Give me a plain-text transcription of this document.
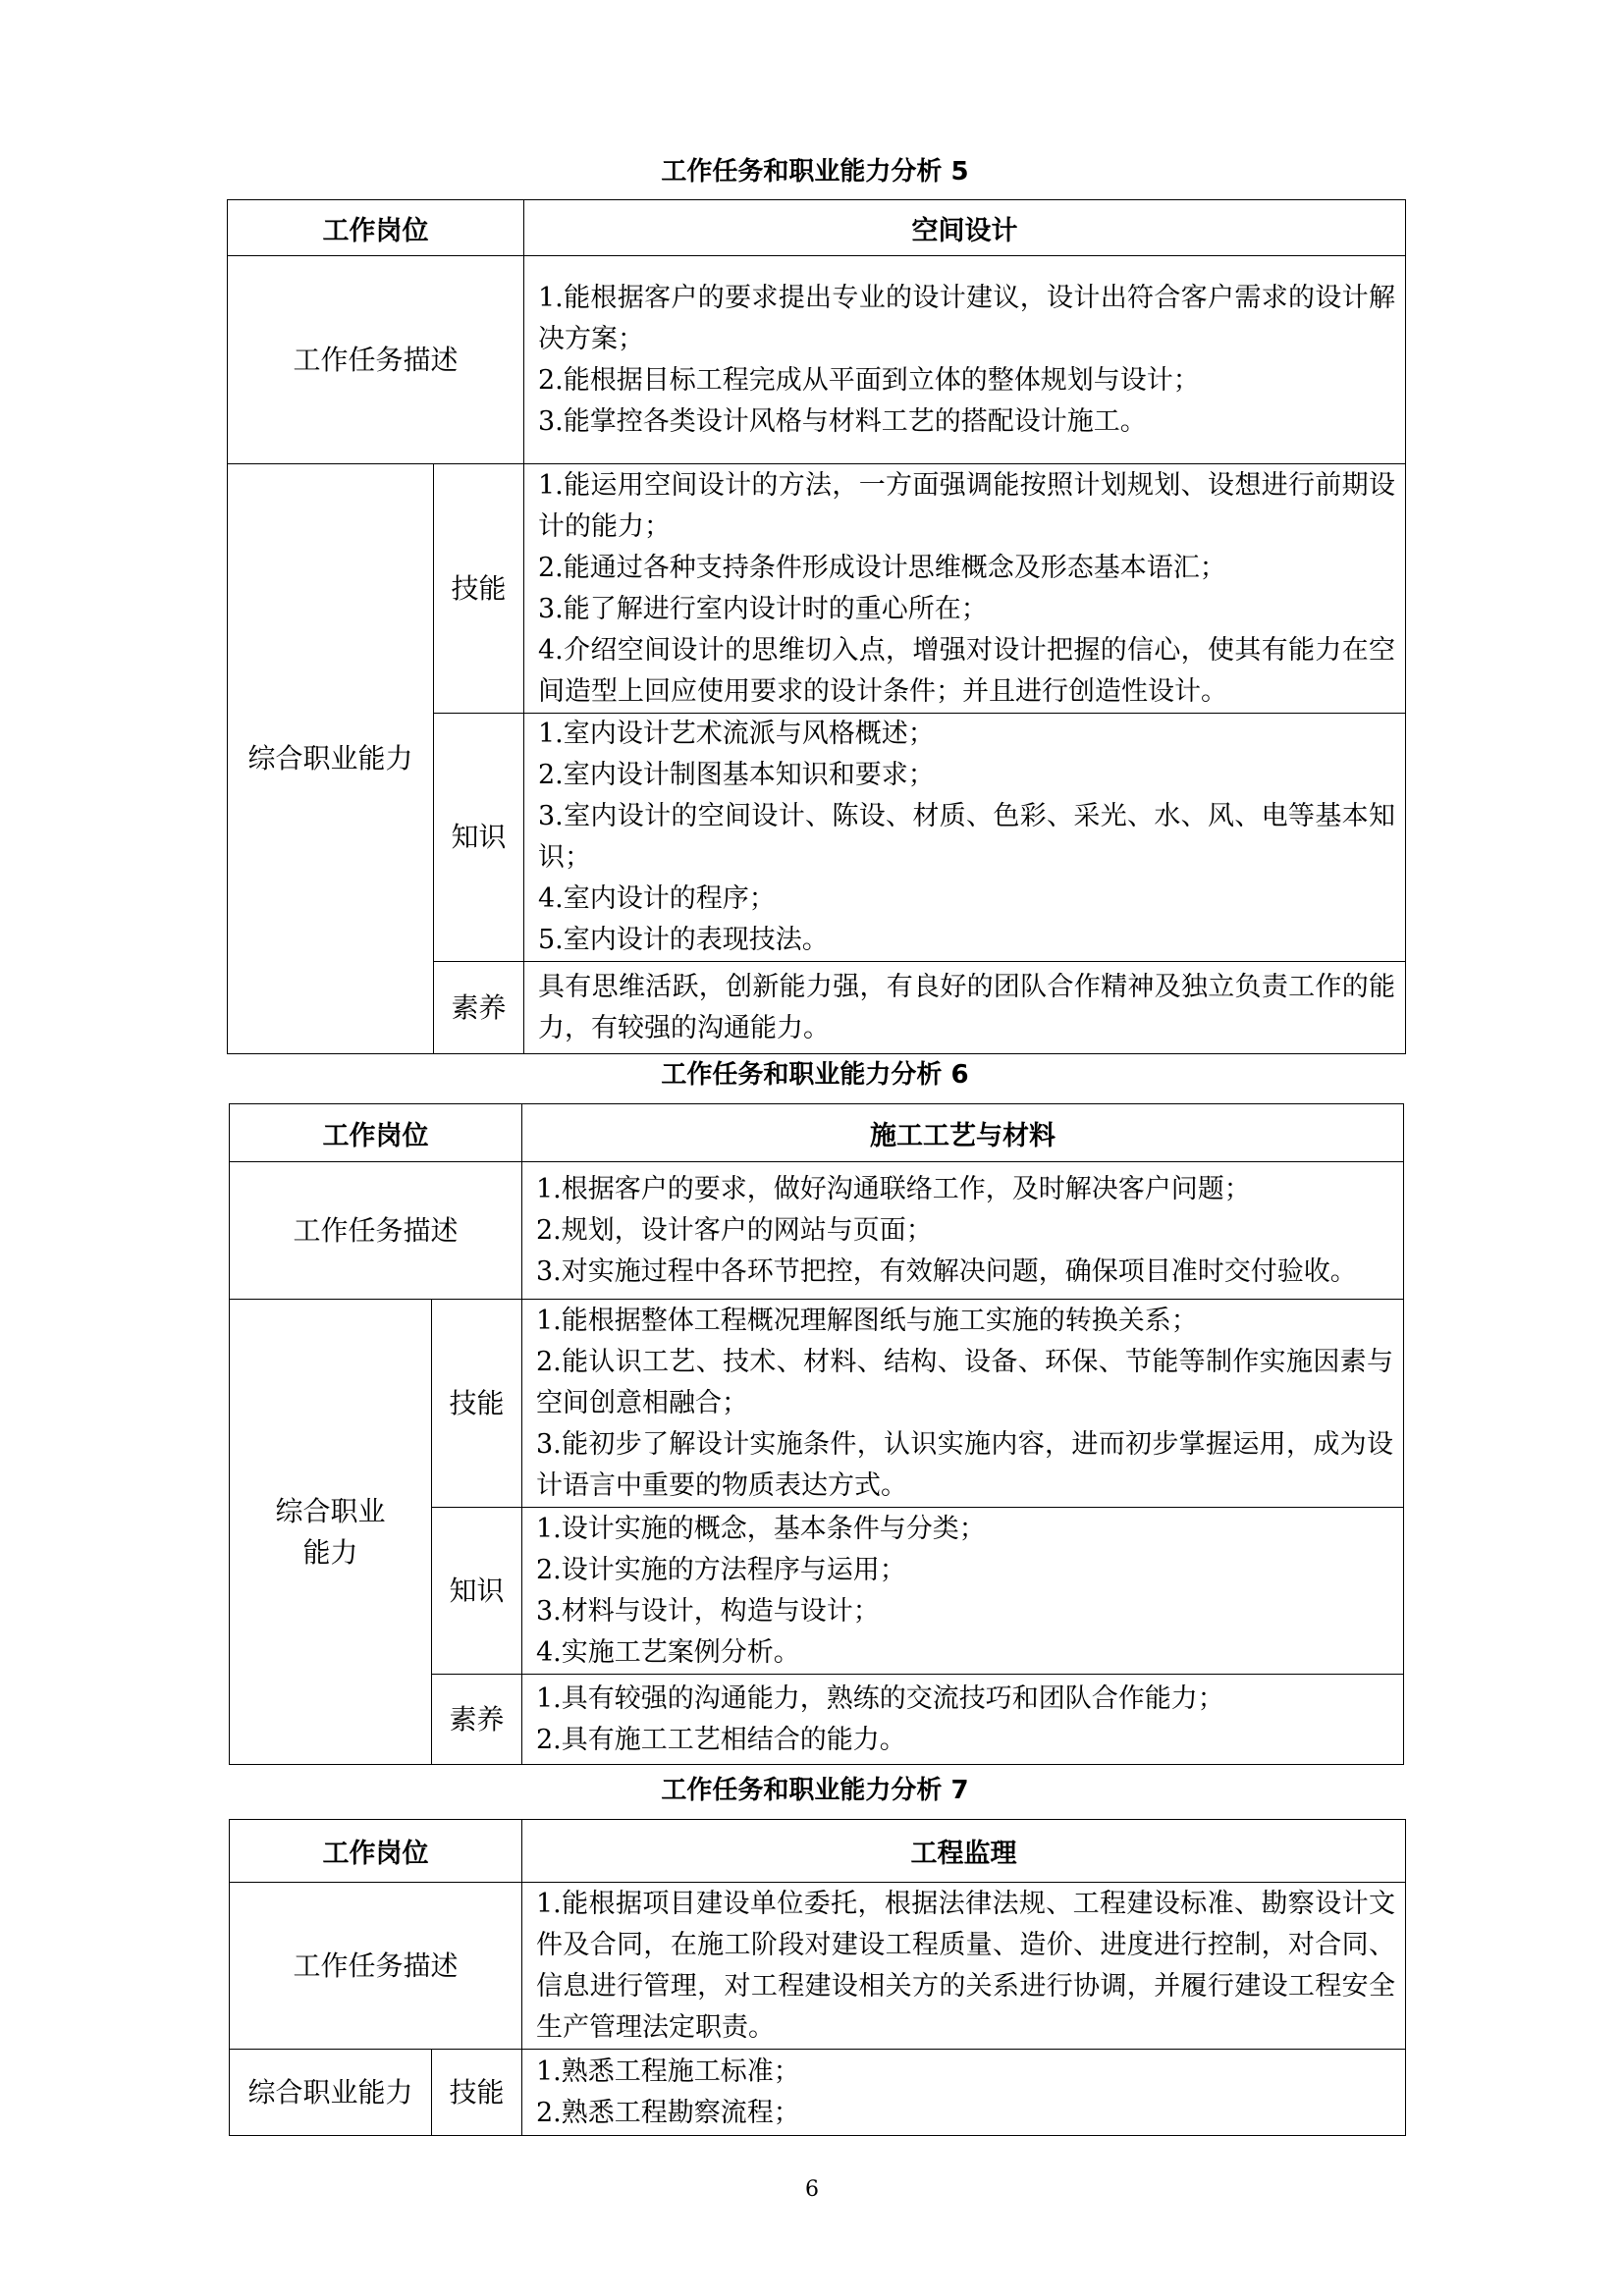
工作任务和职业能力分析 5
工作岗位		空间设计
工作任务描述		1.能根据客户的要求提出专业的设计建议，设计出符合客户需求的设计解决方案；
2.能根据目标工程完成从平面到立体的整体规划与设计；
3.能掌控各类设计风格与材料工艺的搭配设计施工。

综合职业能力	技能	1.能运用空间设计的方法，一方面强调能按照计划规划、设想进行前期设计的能力；
2.能通过各种支持条件形成设计思维概念及形态基本语汇；
3.能了解进行室内设计时的重心所在；
4.介绍空间设计的思维切入点，增强对设计把握的信心，使其有能力在空间造型上回应使用要求的设计条件；并且进行创造性设计。

	知识	1.室内设计艺术流派与风格概述；
2.室内设计制图基本知识和要求；
3.室内设计的空间设计、陈设、材质、色彩、采光、水、风、电等基本知识；
4.室内设计的程序；
5.室内设计的表现技法。

	素养	具有思维活跃，创新能力强，有良好的团队合作精神及独立负责工作的能力，有较强的沟通能力。
工作任务和职业能力分析 6
工作岗位		施工工艺与材料
工作任务描述		1.根据客户的要求，做好沟通联络工作，及时解决客户问题；
2.规划，设计客户的网站与页面；
3.对实施过程中各环节把控，有效解决问题，确保项目准时交付验收。

综合职业能力	技能	1.能根据整体工程概况理解图纸与施工实施的转换关系；
2.能认识工艺、技术、材料、结构、设备、环保、节能等制作实施因素与空间创意相融合；
3.能初步了解设计实施条件，认识实施内容，进而初步掌握运用，成为设计语言中重要的物质表达方式。

	知识	1.设计实施的概念，基本条件与分类；
2.设计实施的方法程序与运用；
3.材料与设计，构造与设计；
4.实施工艺案例分析。

	素养	1.具有较强的沟通能力，熟练的交流技巧和团队合作能力；
2.具有施工工艺相结合的能力。
工作任务和职业能力分析 7
工作岗位		工程监理
工作任务描述		1.能根据项目建设单位委托，根据法律法规、工程建设标准、勘察设计文件及合同，在施工阶段对建设工程质量、造价、进度进行控制，对合同、信息进行管理，对工程建设相关方的关系进行协调，并履行建设工程安全生产管理法定职责。

综合职业能力	技能	1.熟悉工程施工标准；
2.熟悉工程勘察流程；
6
